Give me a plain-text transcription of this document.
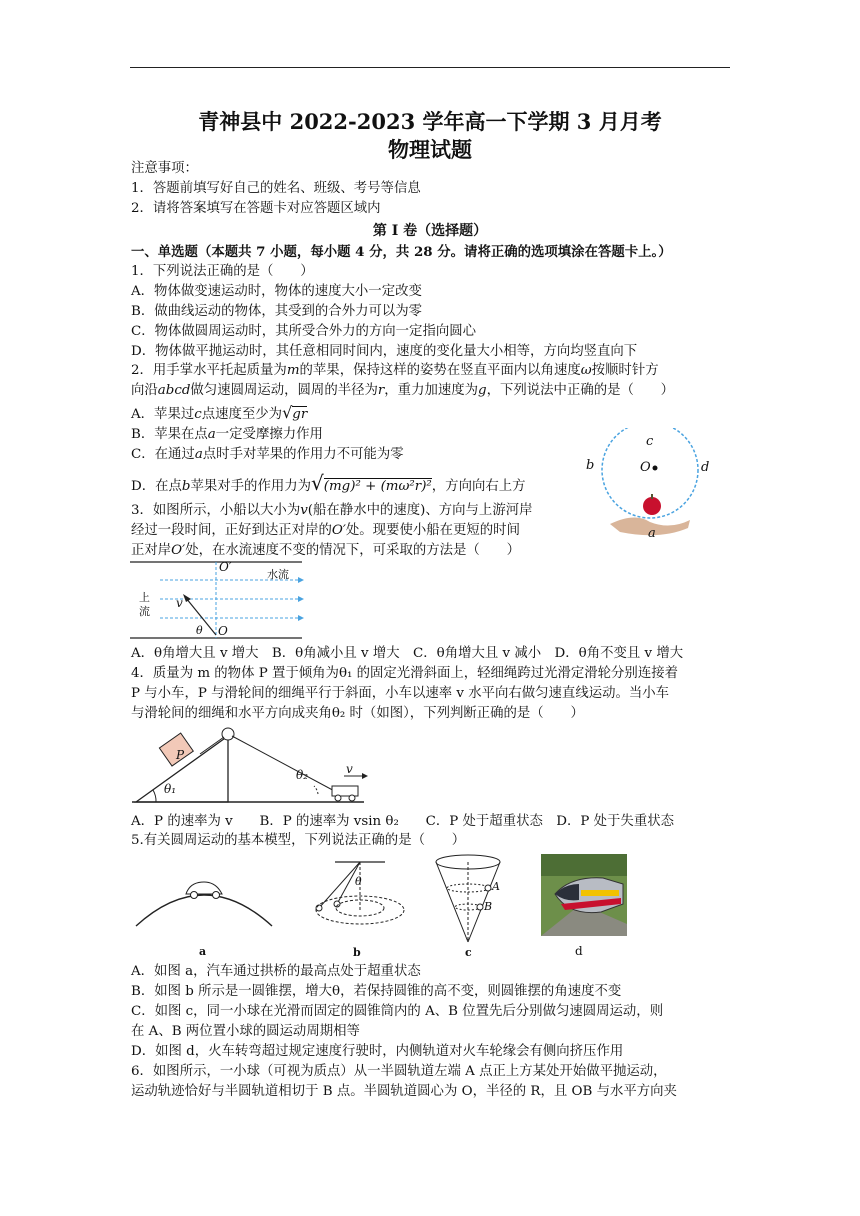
青神县中 2022-2023 学年高一下学期 3 月月考
物理试题
注意事项：
1．答题前填写好自己的姓名、班级、考号等信息
2．请将答案填写在答题卡对应答题区域内
第 I 卷（选择题）
一、单选题（本题共 7 小题，每小题 4 分，共 28 分。请将正确的选项填涂在答题卡上。）
1．下列说法正确的是（　　）
A．物体做变速运动时，物体的速度大小一定改变
B．做曲线运动的物体，其受到的合外力可以为零
C．物体做圆周运动时，其所受合外力的方向一定指向圆心
D．物体做平抛运动时，其任意相同时间内，速度的变化量大小相等，方向均竖直向下
2．用手掌水平托起质量为m的苹果，保持这样的姿势在竖直平面内以角速度ω按顺时针方
向沿abcd做匀速圆周运动，圆周的半径为r，重力加速度为g，下列说法中正确的是（　　）
A．苹果过c点速度至少为√gr
B．苹果在点a一定受摩擦力作用
C．在通过a点时手对苹果的作用力不可能为零
D．在点b苹果对手的作用力为√(mg)² + (mω²r)²，方向向右上方
c
b	d
O
a
3．如图所示，小船以大小为v(船在静水中的速度)、方向与上游河岸
经过一段时间，正好到达正对岸的O′处。现要使小船在更短的时间
正对岸O′处，在水流速度不变的情况下，可采取的方法是（　　）
O′
水流
上
流
v
θ O
A．θ角增大且 v 增大　B．θ角减小且 v 增大　C．θ角增大且 v 减小　D．θ角不变且 v 增大
4．质量为 m 的物体 P 置于倾角为θ₁ 的固定光滑斜面上，轻细绳跨过光滑定滑轮分别连接着
P 与小车，P 与滑轮间的细绳平行于斜面，小车以速率 v 水平向右做匀速直线运动。当小车
与滑轮间的细绳和水平方向成夹角θ₂ 时（如图），下列判断正确的是（　　）
P
θ₁
θ₂	v
A．P 的速率为 v　　B．P 的速率为 vsin θ₂　　C．P 处于超重状态　D．P 处于失重状态
5.有关圆周运动的基本模型，下列说法正确的是（　　）
a
θ
b
A
B
c	d
A．如图 a，汽车通过拱桥的最高点处于超重状态
B．如图 b 所示是一圆锥摆，增大θ，若保持圆锥的高不变，则圆锥摆的角速度不变
C．如图 c，同一小球在光滑而固定的圆锥筒内的 A、B 位置先后分别做匀速圆周运动，则
在 A、B 两位置小球的圆运动周期相等
D．如图 d，火车转弯超过规定速度行驶时，内侧轨道对火车轮缘会有侧向挤压作用
6．如图所示，一小球（可视为质点）从一半圆轨道左端 A 点正上方某处开始做平抛运动，
运动轨迹恰好与半圆轨道相切于 B 点。半圆轨道圆心为 O，半径的 R，且 OB 与水平方向夹
